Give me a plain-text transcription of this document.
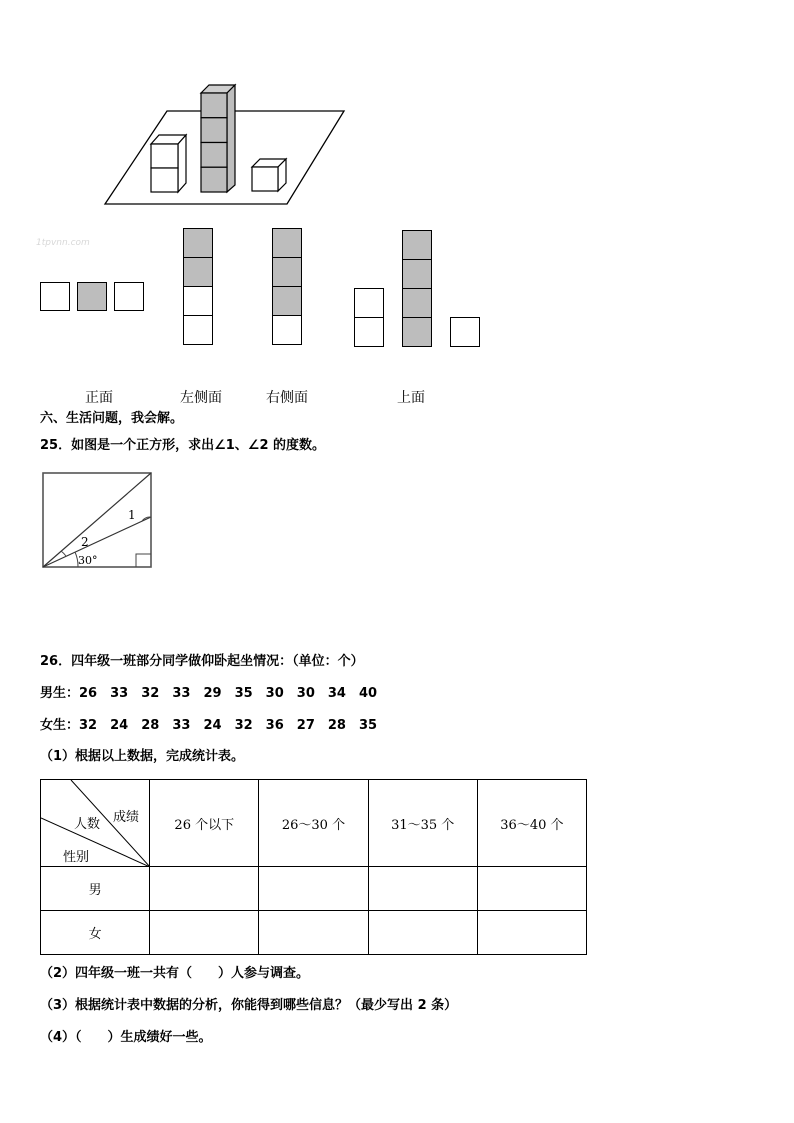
1tpvnn.com
正面	左侧面	右侧面	上面
六、生活问题，我会解。
25．如图是一个正方形，求出∠1、∠2 的度数。
1
2
30°
26．四年级一班部分同学做仰卧起坐情况：（单位：个）
男生：26　 33　 32　 33　 29　 35　 30　 30　 34　 40
女生：32　 24　 28　 33　 24　 32　 36　 27　 28　 35
（1）根据以上数据，完成统计表。
成绩
人数
性别	26 个以下	26～30 个	31～35 个	36～40 个
男				
女				
（2）四年级一班一共有（　　）人参与调查。
（3）根据统计表中数据的分析，你能得到哪些信息？（最少写出 2 条）
（4）（　　）生成绩好一些。
